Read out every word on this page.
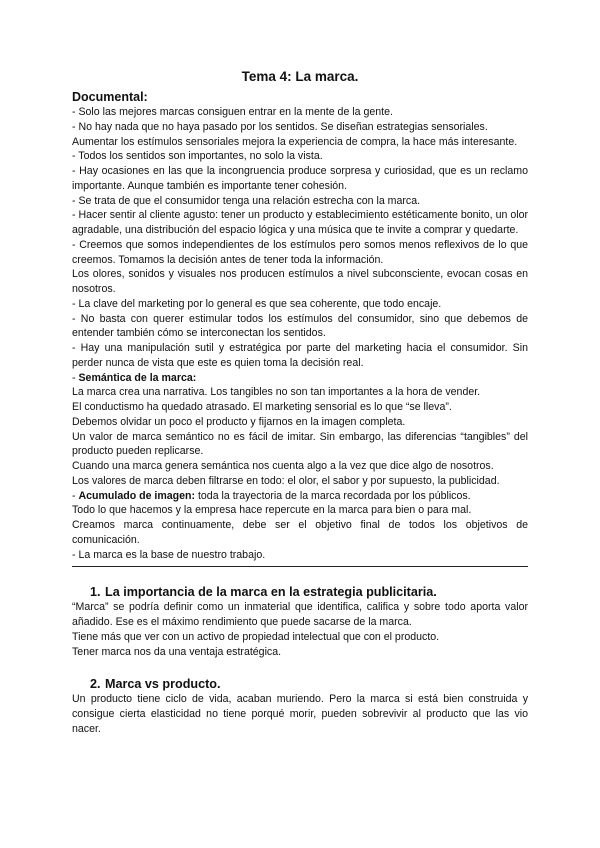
Tema 4: La marca.
Documental:

- Solo las mejores marcas consiguen entrar en la mente de la gente.

- No hay nada que no haya pasado por los sentidos. Se diseñan estrategias sensoriales.

Aumentar los estímulos sensoriales mejora la experiencia de compra, la hace más interesante.

- Todos los sentidos son importantes, no solo la vista.

- Hay ocasiones en las que la incongruencia produce sorpresa y curiosidad, que es un reclamo importante. Aunque también es importante tener cohesión.

- Se trata de que el consumidor tenga una relación estrecha con la marca.

- Hacer sentir al cliente agusto: tener un producto y establecimiento estéticamente bonito, un olor agradable, una distribución del espacio lógica y una música que te invite a comprar y quedarte.

- Creemos que somos independientes de los estímulos pero somos menos reflexivos de lo que creemos. Tomamos la decisión antes de tener toda la información.

Los olores, sonidos y visuales nos producen estímulos a nivel subconsciente, evocan cosas en nosotros.

- La clave del marketing por lo general es que sea coherente, que todo encaje.

- No basta con querer estimular todos los estímulos del consumidor, sino que debemos de entender también cómo se interconectan los sentidos.

- Hay una manipulación sutil y estratégica por parte del marketing hacia el consumidor. Sin perder nunca de vista que este es quien toma la decisión real.

- Semántica de la marca:

La marca crea una narrativa. Los tangibles no son tan importantes a la hora de vender.

El conductismo ha quedado atrasado. El marketing sensorial es lo que “se lleva”.

Debemos olvidar un poco el producto y fijarnos en la imagen completa.

Un valor de marca semántico no es fácil de imitar. Sin embargo, las diferencias “tangibles” del producto pueden replicarse.

Cuando una marca genera semántica nos cuenta algo a la vez que dice algo de nosotros.

Los valores de marca deben filtrarse en todo: el olor, el sabor y por supuesto, la publicidad.

- Acumulado de imagen: toda la trayectoria de la marca recordada por los públicos.

Todo lo que hacemos y la empresa hace repercute en la marca para bien o para mal.

Creamos marca continuamente, debe ser el objetivo final de todos los objetivos de comunicación.

- La marca es la base de nuestro trabajo.

1. La importancia de la marca en la estrategia publicitaria.

“Marca” se podría definir como un inmaterial que identifica, califica y sobre todo aporta valor añadido. Ese es el máximo rendimiento que puede sacarse de la marca.

Tiene más que ver con un activo de propiedad intelectual que con el producto.

Tener marca nos da una ventaja estratégica.

2. Marca vs producto.

Un producto tiene ciclo de vida, acaban muriendo. Pero la marca si está bien construida y consigue cierta elasticidad no tiene porqué morir, pueden sobrevivir al producto que las vio nacer.
